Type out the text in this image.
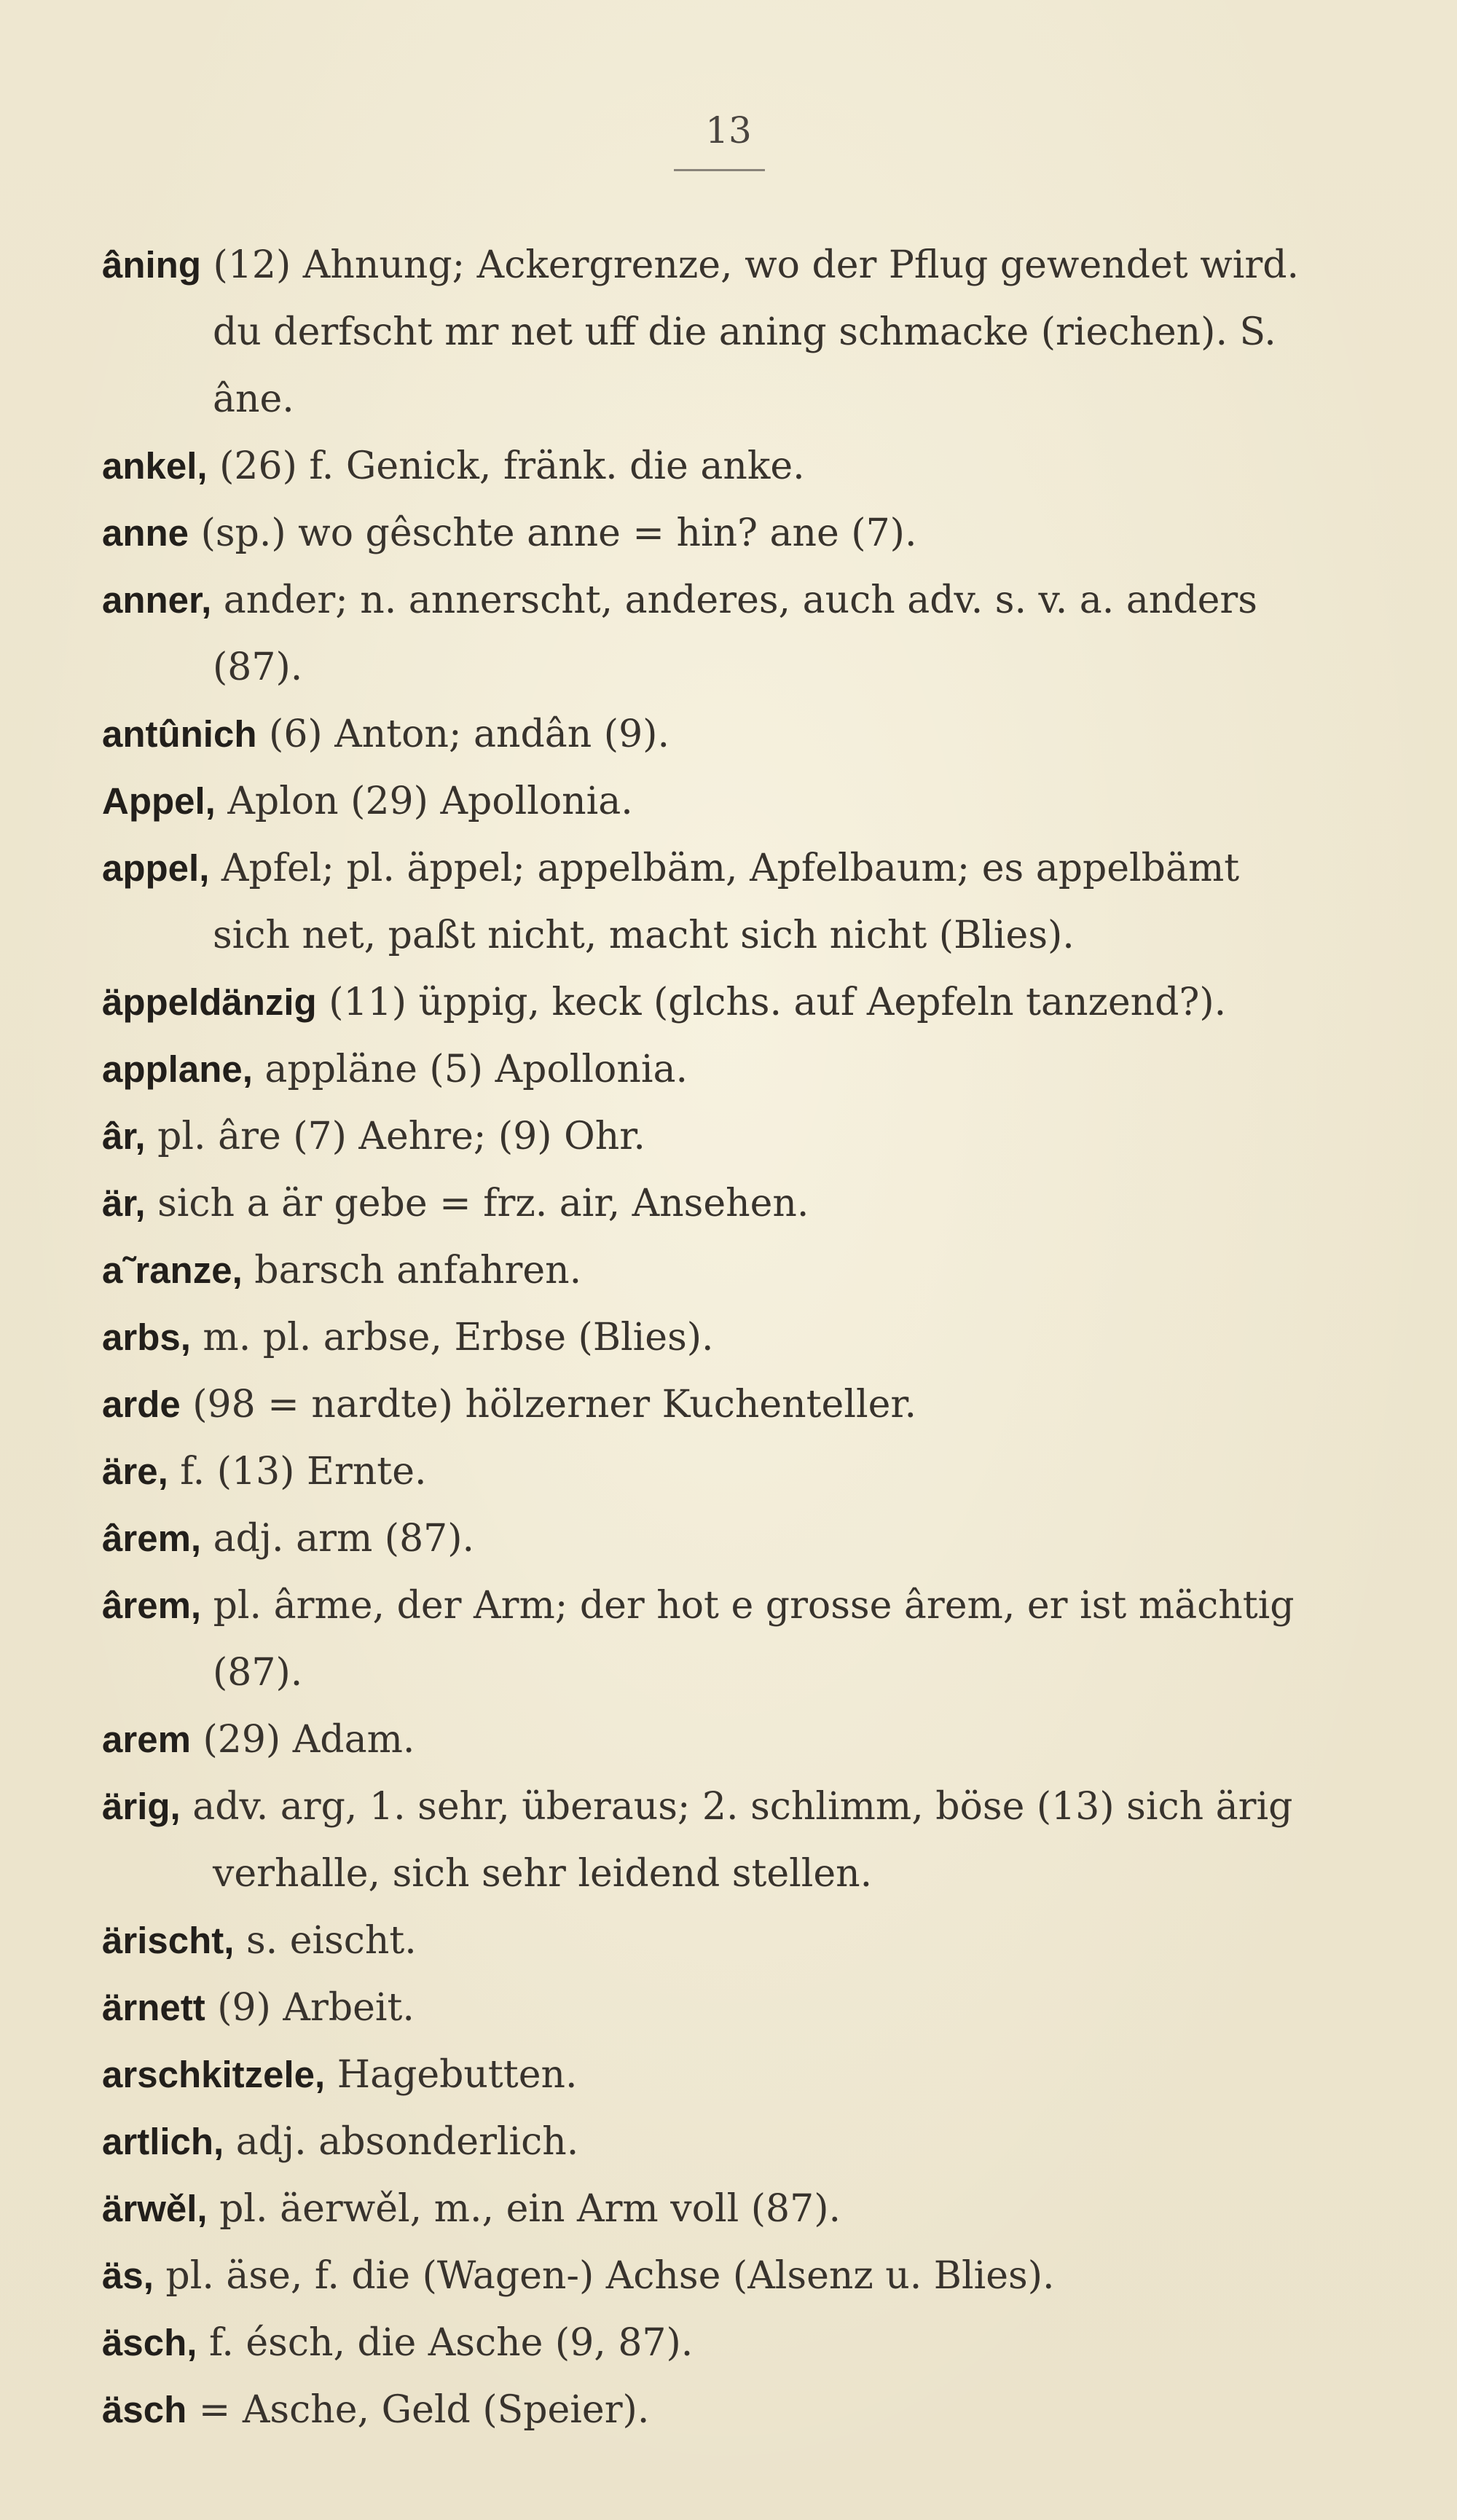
13
âning (12) Ahnung; Ackergrenze, wo der Pflug gewendet wird. du derfscht mr net uff die aning schmacke (riechen). S. âne.
ankel, (26) f. Genick, fränk. die anke.
anne (sp.) wo gêschte anne = hin? ane (7).
anner, ander; n. annerscht, anderes, auch adv. s. v. a. anders (87).
antûnich (6) Anton; andân (9).
Appel, Aplon (29) Apollonia.
appel, Apfel; pl. äppel; appelbäm, Apfelbaum; es appelbämt sich net, paßt nicht, macht sich nicht (Blies).
äppeldänzig (11) üppig, keck (glchs. auf Aepfeln tanzend?).
applane, appläne (5) Apollonia.
âr, pl. âre (7) Aehre; (9) Ohr.
är, sich a är gebe = frz. air, Ansehen.
a˜ranze, barsch anfahren.
arbs, m. pl. arbse, Erbse (Blies).
arde (98 = nardte) hölzerner Kuchenteller.
äre, f. (13) Ernte.
ârem, adj. arm (87).
ârem, pl. ârme, der Arm; der hot e grosse ârem, er ist mächtig (87).
arem (29) Adam.
ärig, adv. arg, 1. sehr, überaus; 2. schlimm, böse (13) sich ärig verhalle, sich sehr leidend stellen.
ärischt, s. eischt.
ärnett (9) Arbeit.
arschkitzele, Hagebutten.
artlich, adj. absonderlich.
ärwěl, pl. äerwěl, m., ein Arm voll (87).
äs, pl. äse, f. die (Wagen-) Achse (Alsenz u. Blies).
äsch, f. ésch, die Asche (9, 87).
äsch = Asche, Geld (Speier).
